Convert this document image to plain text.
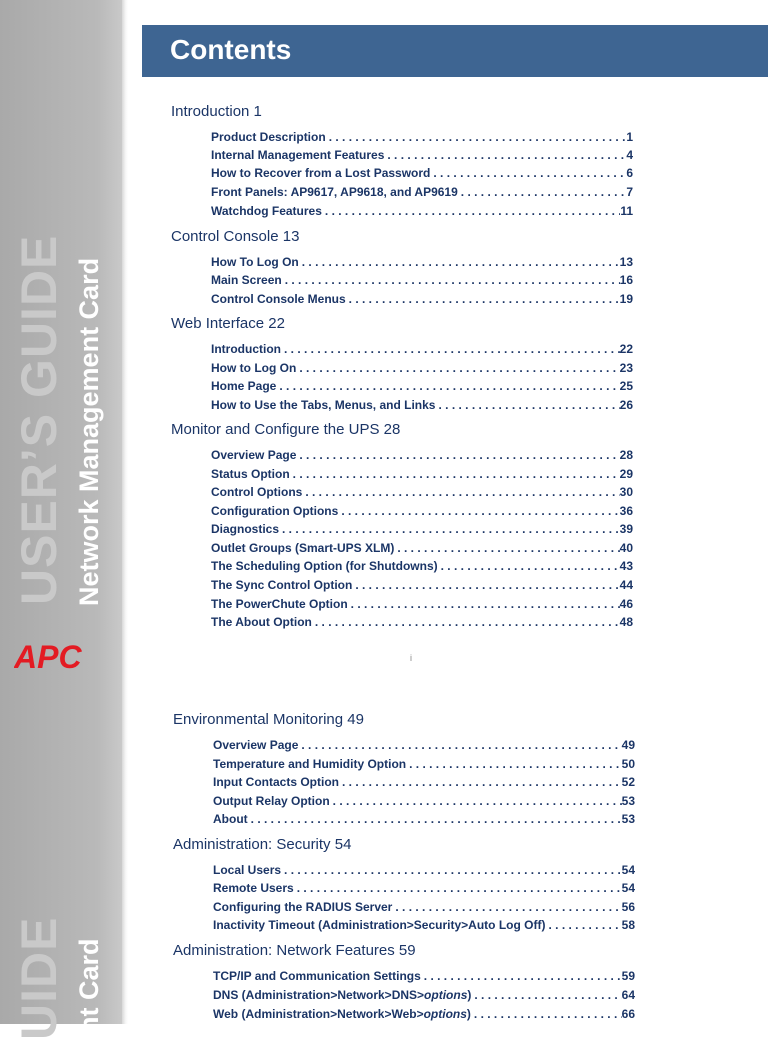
USER’S GUIDE Network Management Card
APC
UIDE ent Card
Contents
i
Introduction 1
Product Description . . .	1
Internal Management Features . . .	4
How to Recover from a Lost Password . . .	6
Front Panels: AP9617, AP9618, and AP9619 . . .	7
Watchdog Features . . .	11
Control Console 13
How To Log On . . .	13
Main Screen . . .	16
Control Console Menus . . .	19
Web Interface 22
Introduction . . .	22
How to Log On . . .	23
Home Page . . .	25
How to Use the Tabs, Menus, and Links . . .	26
Monitor and Configure the UPS 28
Overview Page . . .	28
Status Option . . .	29
Control Options . . .	30
Configuration Options . . .	36
Diagnostics . . .	39
Outlet Groups (Smart-UPS XLM) . . .	40
The Scheduling Option (for Shutdowns) . . .	43
The Sync Control Option . . .	44
The PowerChute Option . . .	46
The About Option . . .	48
Environmental Monitoring 49
Overview Page . . .	49
Temperature and Humidity Option . . .	50
Input Contacts Option . . .	52
Output Relay Option . . .	53
About . . .	53
Administration: Security 54
Local Users . . .	54
Remote Users . . .	54
Configuring the RADIUS Server . . .	56
Inactivity Timeout (Administration>Security>Auto Log Off) . . .	58
Administration: Network Features 59
TCP/IP and Communication Settings . . .	59
DNS (Administration>Network>DNS>options) . . .	64
Web (Administration>Network>Web>options) . . .	66
